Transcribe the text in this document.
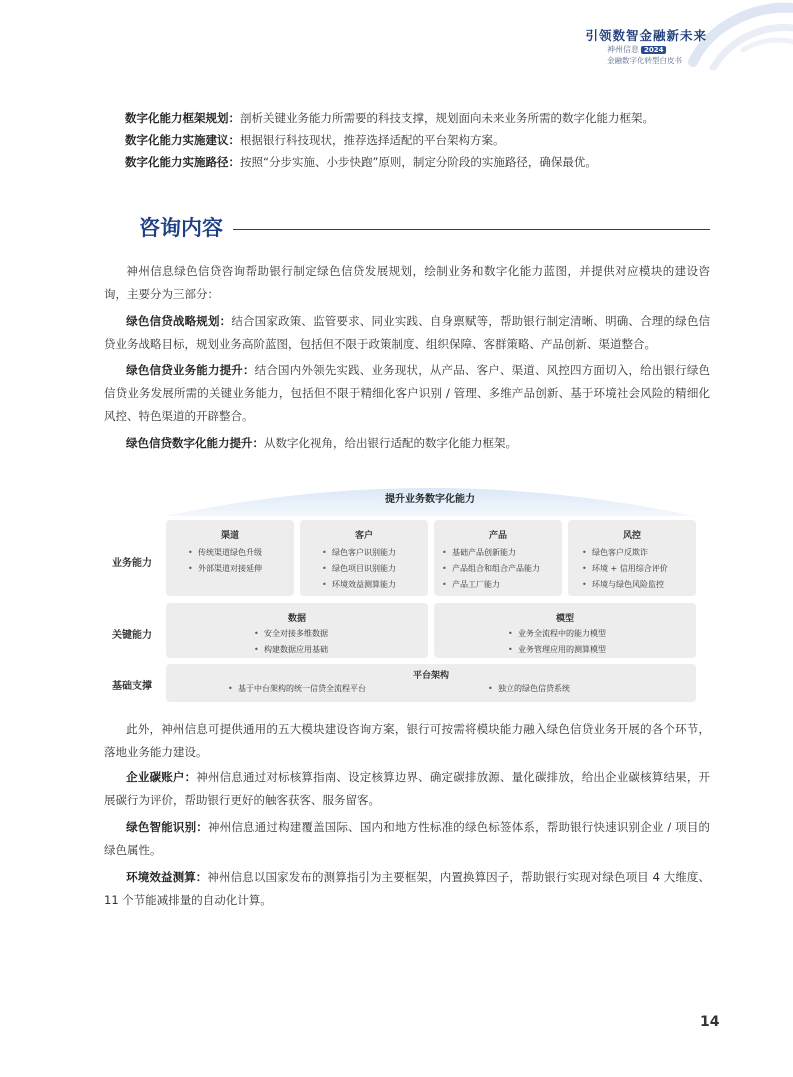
引领数智金融新未来
神州信息 2024
金融数字化转型白皮书

数字化能力框架规划：剖析关键业务能力所需要的科技支撑，规划面向未来业务所需的数字化能力框架。

数字化能力实施建议：根据银行科技现状，推荐选择适配的平台架构方案。

数字化能力实施路径：按照“分步实施、小步快跑”原则，制定分阶段的实施路径，确保最优。

咨询内容

神州信息绿色信贷咨询帮助银行制定绿色信贷发展规划，绘制业务和数字化能力蓝图，并提供对应模块的建设咨询，主要分为三部分：

绿色信贷战略规划：结合国家政策、监管要求、同业实践、自身禀赋等，帮助银行制定清晰、明确、合理的绿色信贷业务战略目标，规划业务高阶蓝图，包括但不限于政策制度、组织保障、客群策略、产品创新、渠道整合。

绿色信贷业务能力提升：结合国内外领先实践、业务现状，从产品、客户、渠道、风控四方面切入，给出银行绿色信贷业务发展所需的关键业务能力，包括但不限于精细化客户识别 / 管理、多维产品创新、基于环境社会风险的精细化风控、特色渠道的开辟整合。

绿色信贷数字化能力提升：从数字化视角，给出银行适配的数字化能力框架。

提升业务数字化能力
业务能力
渠道
• 传统渠道绿色升级
• 外部渠道对接延伸
客户
• 绿色客户识别能力
• 绿色项目识别能力
• 环境效益测算能力
产品
• 基础产品创新能力
• 产品组合和组合产品能力
• 产品工厂能力
风控
• 绿色客户反欺诈
• 环境 + 信用综合评价
• 环境与绿色风险监控
关键能力
数据
• 安全对接多维数据
• 构建数据应用基础
模型
• 业务全流程中的能力模型
• 业务管理应用的测算模型
基础支撑
平台架构
• 基于中台架构的统一信贷全流程平台
•	独立的绿色信贷系统

此外，神州信息可提供通用的五大模块建设咨询方案，银行可按需将模块能力融入绿色信贷业务开展的各个环节，落地业务能力建设。

企业碳账户：神州信息通过对标核算指南、设定核算边界、确定碳排放源、量化碳排放，给出企业碳核算结果，开展碳行为评价，帮助银行更好的触客获客、服务留客。

绿色智能识别：神州信息通过构建覆盖国际、国内和地方性标准的绿色标签体系，帮助银行快速识别企业 / 项目的绿色属性。

环境效益测算：神州信息以国家发布的测算指引为主要框架，内置换算因子，帮助银行实现对绿色项目 4 大维度、11 个节能减排量的自动化计算。

14
